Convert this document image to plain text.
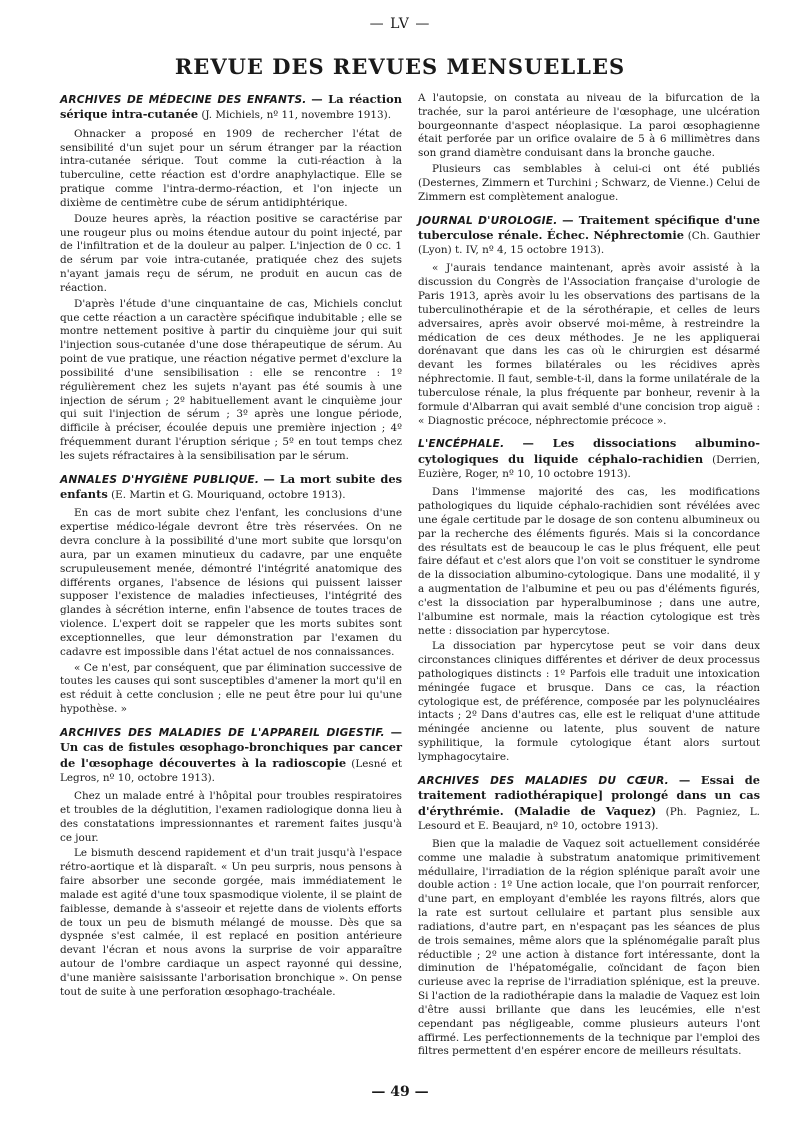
— LV —
REVUE DES REVUES MENSUELLES
ARCHIVES DE MÉDECINE DES ENFANTS. — La réaction sérique intra-cutanée (J. Michiels, nº 11, novembre 1913).

Ohnacker a proposé en 1909 de rechercher l'état de sensibilité d'un sujet pour un sérum étranger par la réaction intra-cutanée sérique. Tout comme la cuti-réaction à la tuberculine, cette réaction est d'ordre anaphylactique. Elle se pratique comme l'intra-dermo-réaction, et l'on injecte un dixième de centimètre cube de sérum antidiphtérique.

Douze heures après, la réaction positive se caractérise par une rougeur plus ou moins étendue autour du point injecté, par de l'infiltration et de la douleur au palper. L'injection de 0 cc. 1 de sérum par voie intra-cutanée, pratiquée chez des sujets n'ayant jamais reçu de sérum, ne produit en aucun cas de réaction.

D'après l'étude d'une cinquantaine de cas, Michiels conclut que cette réaction a un caractère spécifique indubitable ; elle se montre nettement positive à partir du cinquième jour qui suit l'injection sous-cutanée d'une dose thérapeutique de sérum. Au point de vue pratique, une réaction négative permet d'exclure la possibilité d'une sensibilisation : elle se rencontre : 1º régulièrement chez les sujets n'ayant pas été soumis à une injection de sérum ; 2º habituellement avant le cinquième jour qui suit l'injection de sérum ; 3º après une longue période, difficile à préciser, écoulée depuis une première injection ; 4º fréquemment durant l'éruption sérique ; 5º en tout temps chez les sujets réfractaires à la sensibilisation par le sérum.

ANNALES D'HYGIÈNE PUBLIQUE. — La mort subite des enfants (E. Martin et G. Mouriquand, octobre 1913).

En cas de mort subite chez l'enfant, les conclusions d'une expertise médico-légale devront être très réservées. On ne devra conclure à la possibilité d'une mort subite que lorsqu'on aura, par un examen minutieux du cadavre, par une enquête scrupuleusement menée, démontré l'intégrité anatomique des différents organes, l'absence de lésions qui puissent laisser supposer l'existence de maladies infectieuses, l'intégrité des glandes à sécrétion interne, enfin l'absence de toutes traces de violence. L'expert doit se rappeler que les morts subites sont exceptionnelles, que leur démonstration par l'examen du cadavre est impossible dans l'état actuel de nos connaissances.

« Ce n'est, par conséquent, que par élimination successive de toutes les causes qui sont susceptibles d'amener la mort qu'il en est réduit à cette conclusion ; elle ne peut être pour lui qu'une hypothèse. »

ARCHIVES DES MALADIES DE L'APPAREIL DIGESTIF. — Un cas de fistules œsophago-bronchiques par cancer de l'œsophage découvertes à la radioscopie (Lesné et Legros, nº 10, octobre 1913).

Chez un malade entré à l'hôpital pour troubles respiratoires et troubles de la déglutition, l'examen radiologique donna lieu à des constatations impressionnantes et rarement faites jusqu'à ce jour.

Le bismuth descend rapidement et d'un trait jusqu'à l'espace rétro-aortique et là disparaît. « Un peu surpris, nous pensons à faire absorber une seconde gorgée, mais immédiatement le malade est agité d'une toux spasmodique violente, il se plaint de faiblesse, demande à s'asseoir et rejette dans de violents efforts de toux un peu de bismuth mélangé de mousse. Dès que sa dyspnée s'est calmée, il est replacé en position antérieure devant l'écran et nous avons la surprise de voir apparaître autour de l'ombre cardiaque un aspect rayonné qui dessine, d'une manière saisissante l'arborisation bronchique ». On pense tout de suite à une perforation œsophago-trachéale.

A l'autopsie, on constata au niveau de la bifurcation de la trachée, sur la paroi antérieure de l'œsophage, une ulcération bourgeonnante d'aspect néoplasique. La paroi œsophagienne était perforée par un orifice ovalaire de 5 à 6 millimètres dans son grand diamètre conduisant dans la bronche gauche.

Plusieurs cas semblables à celui-ci ont été publiés (Desternes, Zimmern et Turchini ; Schwarz, de Vienne.) Celui de Zimmern est complètement analogue.

JOURNAL D'UROLOGIE. — Traitement spécifique d'une tuberculose rénale. Échec. Néphrectomie (Ch. Gauthier (Lyon) t. IV, nº 4, 15 octobre 1913).

« J'aurais tendance maintenant, après avoir assisté à la discussion du Congrès de l'Association française d'urologie de Paris 1913, après avoir lu les observations des partisans de la tuberculinothérapie et de la sérothérapie, et celles de leurs adversaires, après avoir observé moi-même, à restreindre la médication de ces deux méthodes. Je ne les appliquerai dorénavant que dans les cas où le chirurgien est désarmé devant les formes bilatérales ou les récidives après néphrectomie. Il faut, semble-t-il, dans la forme unilatérale de la tuberculose rénale, la plus fréquente par bonheur, revenir à la formule d'Albarran qui avait semblé d'une concision trop aiguë : « Diagnostic précoce, néphrectomie précoce ».

L'ENCÉPHALE. — Les dissociations albumino-cytologiques du liquide céphalo-rachidien (Derrien, Euzière, Roger, nº 10, 10 octobre 1913).

Dans l'immense majorité des cas, les modifications pathologiques du liquide céphalo-rachidien sont révélées avec une égale certitude par le dosage de son contenu albumineux ou par la recherche des éléments figurés. Mais si la concordance des résultats est de beaucoup le cas le plus fréquent, elle peut faire défaut et c'est alors que l'on voit se constituer le syndrome de la dissociation albumino-cytologique. Dans une modalité, il y a augmentation de l'albumine et peu ou pas d'éléments figurés, c'est la dissociation par hyperalbuminose ; dans une autre, l'albumine est normale, mais la réaction cytologique est très nette : dissociation par hypercytose.

La dissociation par hypercytose peut se voir dans deux circonstances cliniques différentes et dériver de deux processus pathologiques distincts : 1º Parfois elle traduit une intoxication méningée fugace et brusque. Dans ce cas, la réaction cytologique est, de préférence, composée par les polynucléaires intacts ; 2º Dans d'autres cas, elle est le reliquat d'une attitude méningée ancienne ou latente, plus souvent de nature syphilitique, la formule cytologique étant alors surtout lymphagocytaire.

ARCHIVES DES MALADIES DU CŒUR. — Essai de traitement radiothérapique] prolongé dans un cas d'érythrémie. (Maladie de Vaquez) (Ph. Pagniez, L. Lesourd et E. Beaujard, nº 10, octobre 1913).

Bien que la maladie de Vaquez soit actuellement considérée comme une maladie à substratum anatomique primitivement médullaire, l'irradiation de la région splénique paraît avoir une double action : 1º Une action locale, que l'on pourrait renforcer, d'une part, en employant d'emblée les rayons filtrés, alors que la rate est surtout cellulaire et partant plus sensible aux radiations, d'autre part, en n'espaçant pas les séances de plus de trois semaines, même alors que la splénomégalie paraît plus réductible ; 2º une action à distance fort intéressante, dont la diminution de l'hépatomégalie, coïncidant de façon bien curieuse avec la reprise de l'irradiation splénique, est la preuve. Si l'action de la radiothérapie dans la maladie de Vaquez est loin d'être aussi brillante que dans les leucémies, elle n'est cependant pas négligeable, comme plusieurs auteurs l'ont affirmé. Les perfectionnements de la technique par l'emploi des filtres permettent d'en espérer encore de meilleurs résultats.

— 49 —
